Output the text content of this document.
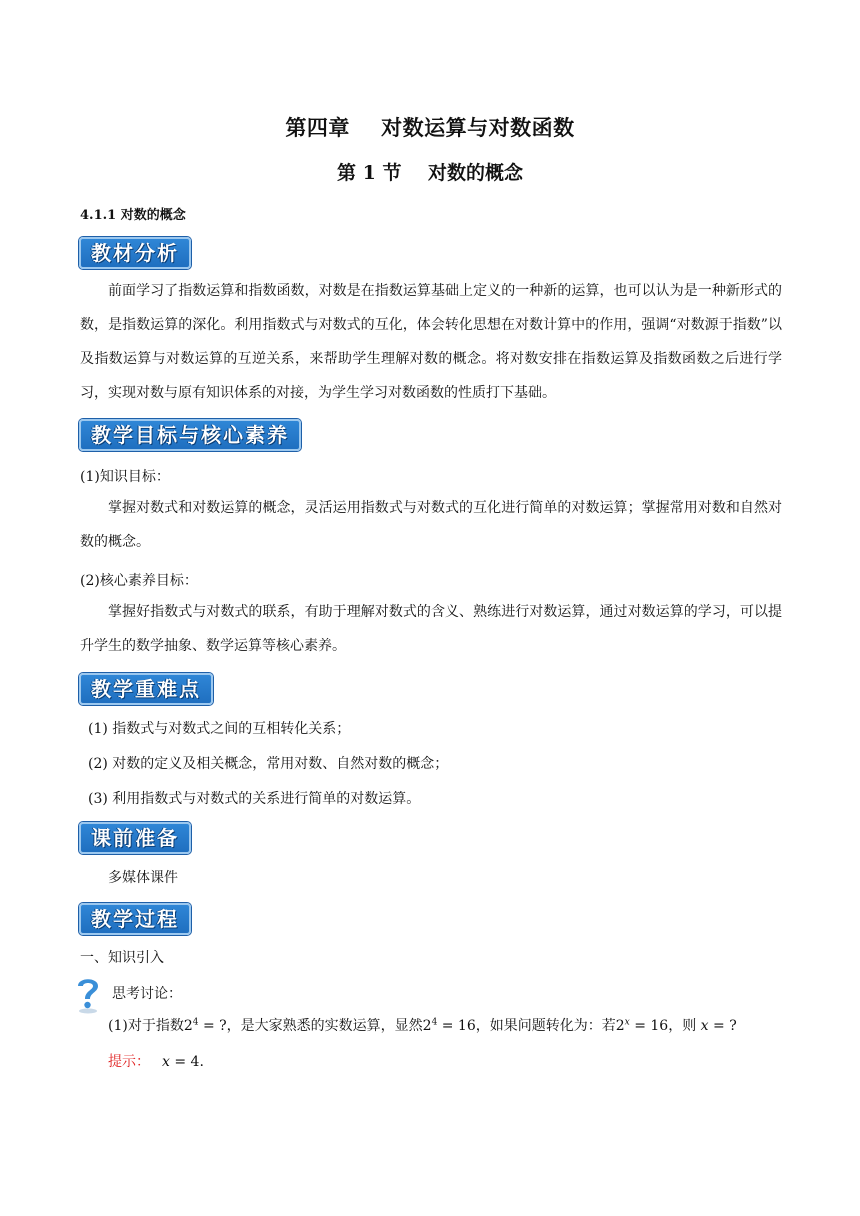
第四章    对数运算与对数函数
第 1 节    对数的概念
4.1.1 对数的概念
教材分析
前面学习了指数运算和指数函数，对数是在指数运算基础上定义的一种新的运算，也可以认为是一种新形式的数，是指数运算的深化。利用指数式与对数式的互化，体会转化思想在对数计算中的作用，强调“对数源于指数”以及指数运算与对数运算的互逆关系，来帮助学生理解对数的概念。将对数安排在指数运算及指数函数之后进行学习，实现对数与原有知识体系的对接，为学生学习对数函数的性质打下基础。
教学目标与核心素养
(1)知识目标：
掌握对数式和对数运算的概念，灵活运用指数式与对数式的互化进行简单的对数运算；掌握常用对数和自然对数的概念。
(2)核心素养目标：
掌握好指数式与对数式的联系，有助于理解对数式的含义、熟练进行对数运算，通过对数运算的学习，可以提升学生的数学抽象、数学运算等核心素养。
教学重难点
(1) 指数式与对数式之间的互相转化关系；
(2) 对数的定义及相关概念，常用对数、自然对数的概念；
(3) 利用指数式与对数式的关系进行简单的对数运算。
课前准备
多媒体课件
教学过程
一、知识引入
思考讨论：
(1)对于指数$2^4$ = ?，是大家熟悉的实数运算，显然$2^4 = 16$，如果问题转化为：若$2^x = 16$，则 x = ?
提示： x = 4.
